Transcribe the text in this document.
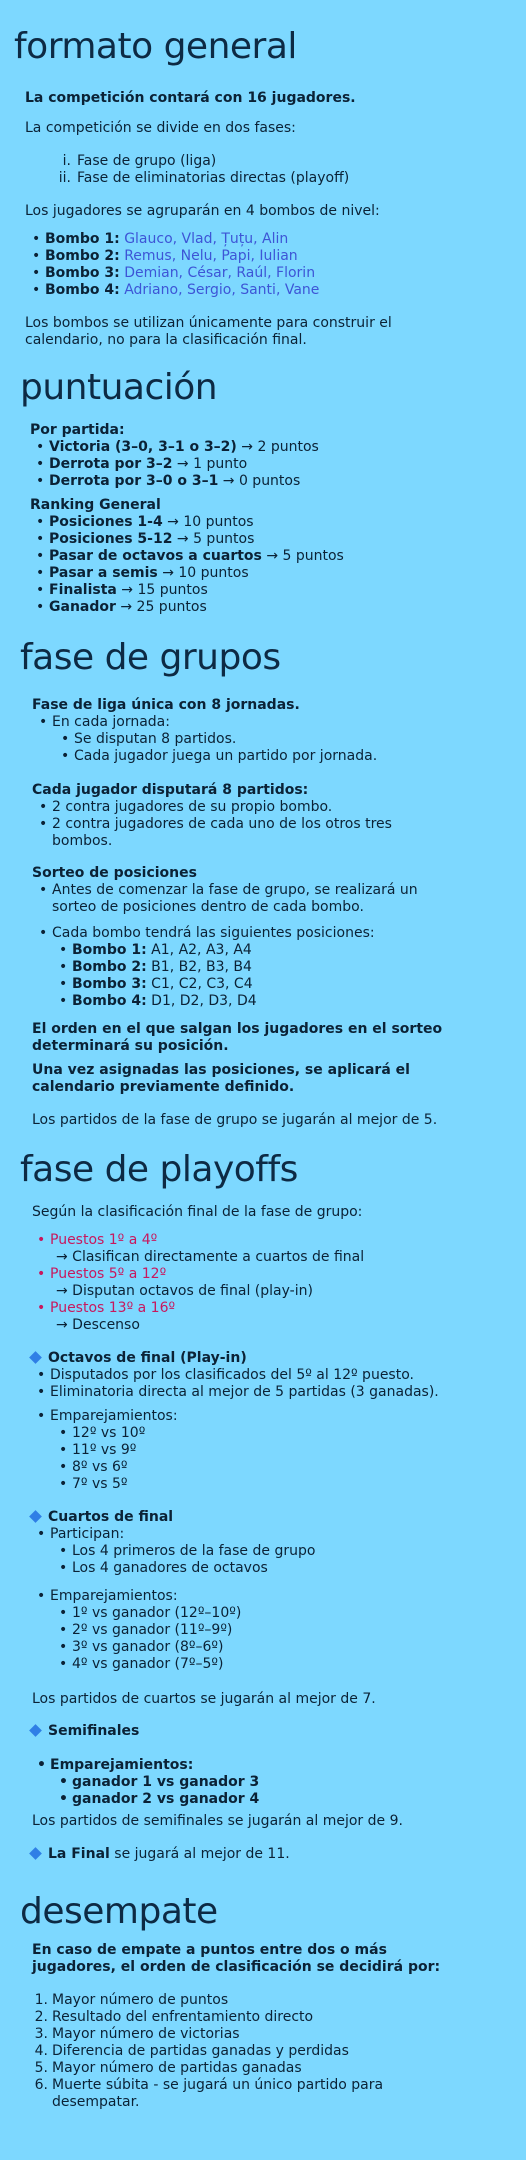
formato general

La competición contará con 16 jugadores.

La competición se divide en dos fases:

i. Fase de grupo (liga)
ii. Fase de eliminatorias directas (playoff)

Los jugadores se agruparán en 4 bombos de nivel:

• Bombo 1: Glauco, Vlad, Țuțu, Alin
• Bombo 2: Remus, Nelu, Papi, Iulian
• Bombo 3: Demian, César, Raúl, Florin
• Bombo 4: Adriano, Sergio, Santi, Vane

Los bombos se utilizan únicamente para construir el

calendario, no para la clasificación final.

puntuación

Por partida:

• Victoria (3–0, 3–1 o 3–2) → 2 puntos
• Derrota por 3–2 → 1 punto
• Derrota por 3–0 o 3–1 → 0 puntos

Ranking General

• Posiciones 1-4 → 10 puntos
• Posiciones 5-12 → 5 puntos
• Pasar de octavos a cuartos → 5 puntos
• Pasar a semis → 10 puntos
• Finalista → 15 puntos
• Ganador → 25 puntos
fase de grupos

Fase de liga única con 8 jornadas.

• En cada jornada:
• Se disputan 8 partidos.
• Cada jugador juega un partido por jornada.

Cada jugador disputará 8 partidos:

• 2 contra jugadores de su propio bombo.
• 2 contra jugadores de cada uno de los otros tres
bombos.

Sorteo de posiciones

• Antes de comenzar la fase de grupo, se realizará un
sorteo de posiciones dentro de cada bombo.
• Cada bombo tendrá las siguientes posiciones:
• Bombo 1: A1, A2, A3, A4
• Bombo 2: B1, B2, B3, B4
• Bombo 3: C1, C2, C3, C4
• Bombo 4: D1, D2, D3, D4

El orden en el que salgan los jugadores en el sorteo

determinará su posición.

Una vez asignadas las posiciones, se aplicará el

calendario previamente definido.

Los partidos de la fase de grupo se jugarán al mejor de 5.

fase de playoffs

Según la clasificación final de la fase de grupo:

• Puestos 1º a 4º
→ Clasifican directamente a cuartos de final
• Puestos 5º a 12º
→ Disputan octavos de final (play-in)
• Puestos 13º a 16º
→ Descenso

Octavos de final (Play-in)

• Disputados por los clasificados del 5º al 12º puesto.
• Eliminatoria directa al mejor de 5 partidas (3 ganadas).
• Emparejamientos:
• 12º vs 10º
• 11º vs 9º
• 8º vs 6º
• 7º vs 5º

Cuartos de final

• Participan:
• Los 4 primeros de la fase de grupo
• Los 4 ganadores de octavos
• Emparejamientos:
• 1º vs ganador (12º–10º)
• 2º vs ganador (11º–9º)
• 3º vs ganador (8º–6º)
• 4º vs ganador (7º–5º)

Los partidos de cuartos se jugarán al mejor de 7.

Semifinales

• Emparejamientos:
• ganador 1 vs ganador 3
• ganador 2 vs ganador 4

Los partidos de semifinales se jugarán al mejor de 9.

La Final se jugará al mejor de 11.

desempate

En caso de empate a puntos entre dos o más

jugadores, el orden de clasificación se decidirá por:

1. Mayor número de puntos
2. Resultado del enfrentamiento directo
3. Mayor número de victorias
4. Diferencia de partidas ganadas y perdidas
5. Mayor número de partidas ganadas
6. Muerte súbita - se jugará un único partido para
desempatar.
